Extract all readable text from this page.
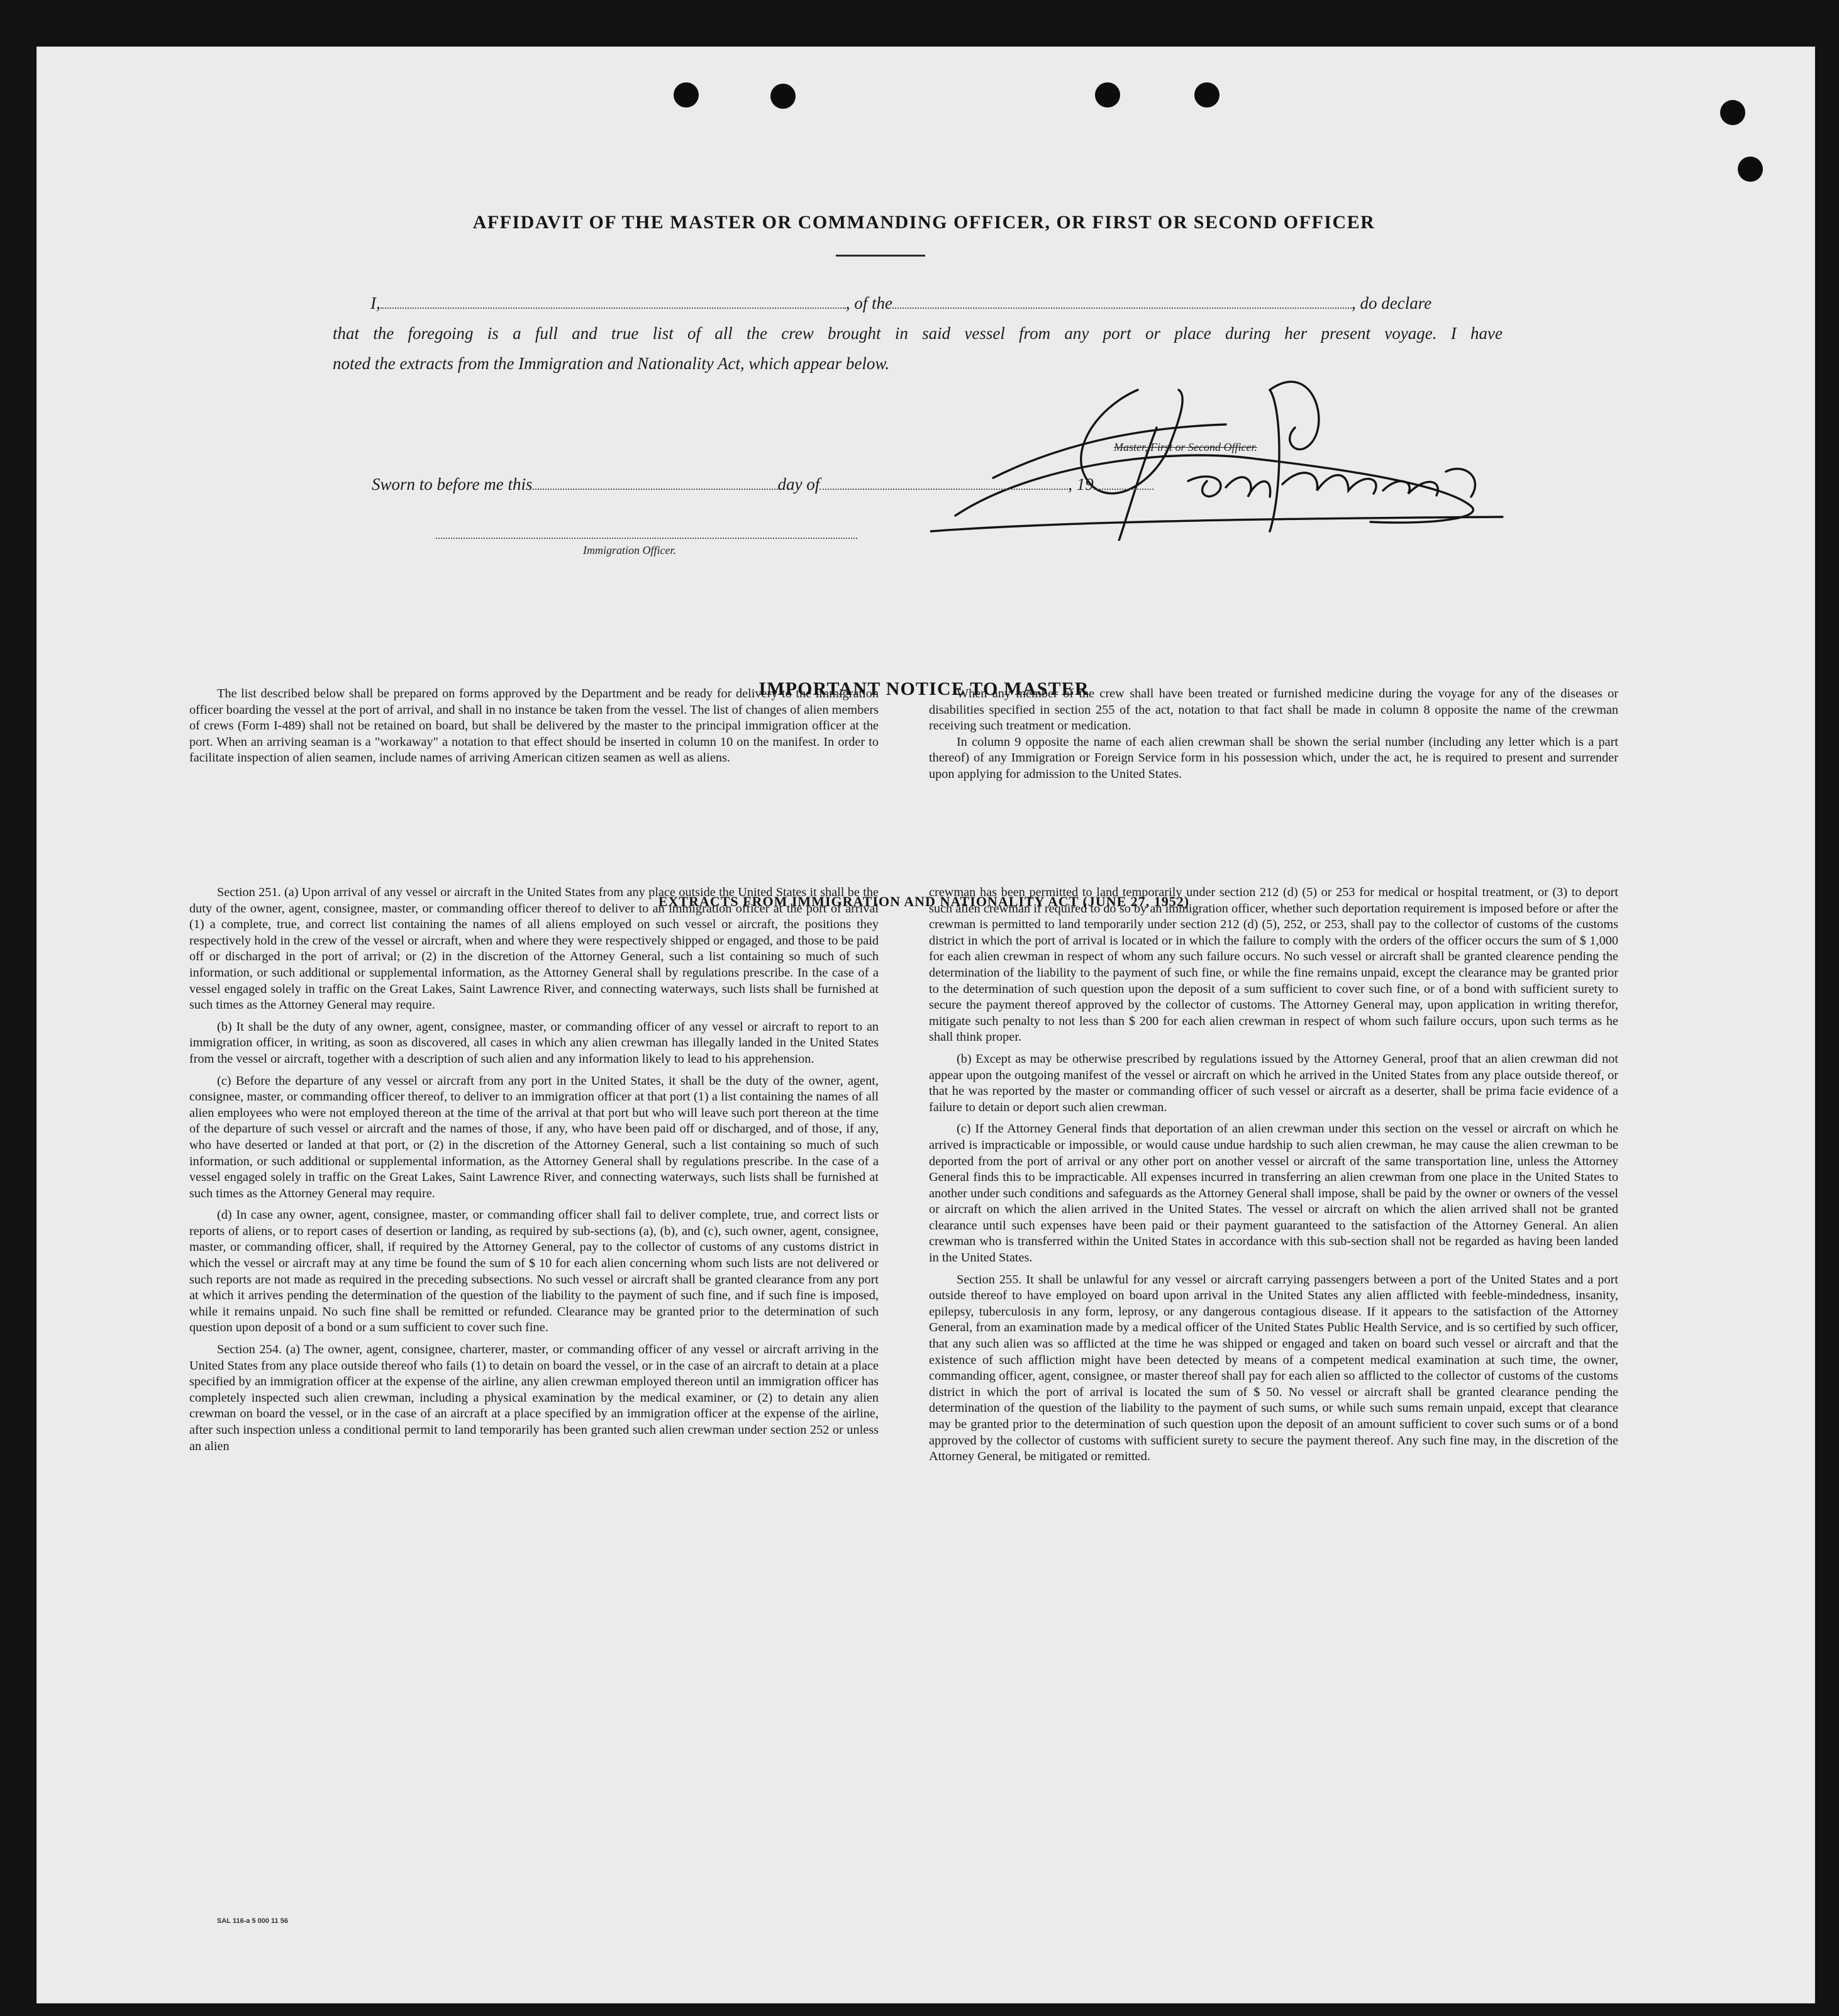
AFFIDAVIT OF THE MASTER OR COMMANDING OFFICER, OR FIRST OR SECOND OFFICER
I,	, of the	, do declare
that the foregoing is a full and true list of all the crew brought in said vessel from any port or place during her present voyage. I have
noted the extracts from the Immigration and Nationality Act, which appear below.
Master, First or Second Officer.
Sworn to before me this	day of	, 19
Immigration Officer.
IMPORTANT NOTICE TO MASTER

The list described below shall be prepared on forms approved by the Department and be ready for delivery to the immigration officer boarding the vessel at the port of arrival, and shall in no instance be taken from the vessel. The list of changes of alien members of crews (Form I-489) shall not be retained on board, but shall be delivered by the master to the principal immigration officer at the port. When an arriving seaman is a "workaway" a notation to that effect should be inserted in column 10 on the manifest. In order to facilitate inspection of alien seamen, include names of arriving American citizen seamen as well as aliens.

When any member of the crew shall have been treated or furnished medicine during the voyage for any of the diseases or disabilities specified in section 255 of the act, notation to that fact shall be made in column 8 opposite the name of the crewman receiving such treatment or medication.

In column 9 opposite the name of each alien crewman shall be shown the serial number (including any letter which is a part thereof) of any Immigration or Foreign Service form in his possession which, under the act, he is required to present and surrender upon applying for admission to the United States.

EXTRACTS FROM IMMIGRATION AND NATIONALITY ACT (JUNE 27, 1952)

Section 251. (a) Upon arrival of any vessel or aircraft in the United States from any place outside the United States it shall be the duty of the owner, agent, consignee, master, or commanding officer thereof to deliver to an immigration officer at the port of arrival (1) a complete, true, and correct list containing the names of all aliens employed on such vessel or aircraft, the positions they respectively hold in the crew of the vessel or aircraft, when and where they were respectively shipped or engaged, and those to be paid off or discharged in the port of arrival; or (2) in the discretion of the Attorney General, such a list containing so much of such information, or such additional or supplemental information, as the Attorney General shall by regulations prescribe. In the case of a vessel engaged solely in traffic on the Great Lakes, Saint Lawrence River, and connecting waterways, such lists shall be furnished at such times as the Attorney General may require.

(b) It shall be the duty of any owner, agent, consignee, master, or commanding officer of any vessel or aircraft to report to an immigration officer, in writing, as soon as discovered, all cases in which any alien crewman has illegally landed in the United States from the vessel or aircraft, together with a description of such alien and any information likely to lead to his apprehension.

(c) Before the departure of any vessel or aircraft from any port in the United States, it shall be the duty of the owner, agent, consignee, master, or commanding officer thereof, to deliver to an immigration officer at that port (1) a list containing the names of all alien employees who were not employed thereon at the time of the arrival at that port but who will leave such port thereon at the time of the departure of such vessel or aircraft and the names of those, if any, who have been paid off or discharged, and of those, if any, who have deserted or landed at that port, or (2) in the discretion of the Attorney General, such a list containing so much of such information, or such additional or supplemental information, as the Attorney General shall by regulations prescribe. In the case of a vessel engaged solely in traffic on the Great Lakes, Saint Lawrence River, and connecting waterways, such lists shall be furnished at such times as the Attorney General may require.

(d) In case any owner, agent, consignee, master, or commanding officer shall fail to deliver complete, true, and correct lists or reports of aliens, or to report cases of desertion or landing, as required by sub-sections (a), (b), and (c), such owner, agent, consignee, master, or commanding officer, shall, if required by the Attorney General, pay to the collector of customs of any customs district in which the vessel or aircraft may at any time be found the sum of $ 10 for each alien concerning whom such lists are not delivered or such reports are not made as required in the preceding subsections. No such vessel or aircraft shall be granted clearance from any port at which it arrives pending the determination of the question of the liability to the payment of such fine, and if such fine is imposed, while it remains unpaid. No such fine shall be remitted or refunded. Clearance may be granted prior to the determination of such question upon deposit of a bond or a sum sufficient to cover such fine.

Section 254. (a) The owner, agent, consignee, charterer, master, or commanding officer of any vessel or aircraft arriving in the United States from any place outside thereof who fails (1) to detain on board the vessel, or in the case of an aircraft to detain at a place specified by an immigration officer at the expense of the airline, any alien crewman employed thereon until an immigration officer has completely inspected such alien crewman, including a physical examination by the medical examiner, or (2) to detain any alien crewman on board the vessel, or in the case of an aircraft at a place specified by an immigration officer at the expense of the airline, after such inspection unless a conditional permit to land temporarily has been granted such alien crewman under section 252 or unless an alien

crewman has been permitted to land temporarily under section 212 (d) (5) or 253 for medical or hospital treatment, or (3) to deport such alien crewman if required to do so by an immigration officer, whether such deportation requirement is imposed before or after the crewman is permitted to land temporarily under section 212 (d) (5), 252, or 253, shall pay to the collector of customs of the customs district in which the port of arrival is located or in which the failure to comply with the orders of the officer occurs the sum of $ 1,000 for each alien crewman in respect of whom any such failure occurs. No such vessel or aircraft shall be granted clearence pending the determination of the liability to the payment of such fine, or while the fine remains unpaid, except the clearance may be granted prior to the determination of such question upon the deposit of a sum sufficient to cover such fine, or of a bond with sufficient surety to secure the payment thereof approved by the collector of customs. The Attorney General may, upon application in writing therefor, mitigate such penalty to not less than $ 200 for each alien crewman in respect of whom such failure occurs, upon such terms as he shall think proper.

(b) Except as may be otherwise prescribed by regulations issued by the Attorney General, proof that an alien crewman did not appear upon the outgoing manifest of the vessel or aircraft on which he arrived in the United States from any place outside thereof, or that he was reported by the master or commanding officer of such vessel or aircraft as a deserter, shall be prima facie evidence of a failure to detain or deport such alien crewman.

(c) If the Attorney General finds that deportation of an alien crewman under this section on the vessel or aircraft on which he arrived is impracticable or impossible, or would cause undue hardship to such alien crewman, he may cause the alien crewman to be deported from the port of arrival or any other port on another vessel or aircraft of the same transportation line, unless the Attorney General finds this to be impracticable. All expenses incurred in transferring an alien crewman from one place in the United States to another under such conditions and safeguards as the Attorney General shall impose, shall be paid by the owner or owners of the vessel or aircraft on which the alien arrived in the United States. The vessel or aircraft on which the alien arrived shall not be granted clearance until such expenses have been paid or their payment guaranteed to the satisfaction of the Attorney General. An alien crewman who is transferred within the United States in accordance with this sub-section shall not be regarded as having been landed in the United States.

Section 255. It shall be unlawful for any vessel or aircraft carrying passengers between a port of the United States and a port outside thereof to have employed on board upon arrival in the United States any alien afflicted with feeble-mindedness, insanity, epilepsy, tuberculosis in any form, leprosy, or any dangerous contagious disease. If it appears to the satisfaction of the Attorney General, from an examination made by a medical officer of the United States Public Health Service, and is so certified by such officer, that any such alien was so afflicted at the time he was shipped or engaged and taken on board such vessel or aircraft and that the existence of such affliction might have been detected by means of a competent medical examination at such time, the owner, commanding officer, agent, consignee, or master thereof shall pay for each alien so afflicted to the collector of customs of the customs district in which the port of arrival is located the sum of $ 50. No vessel or aircraft shall be granted clearance pending the determination of the question of the liability to the payment of such sums, or while such sums remain unpaid, except that clearance may be granted prior to the determination of such question upon the deposit of an amount sufficient to cover such sums or of a bond approved by the collector of customs with sufficient surety to secure the payment thereof. Any such fine may, in the discretion of the Attorney General, be mitigated or remitted.

SAL 116-a 5 000 11 56
